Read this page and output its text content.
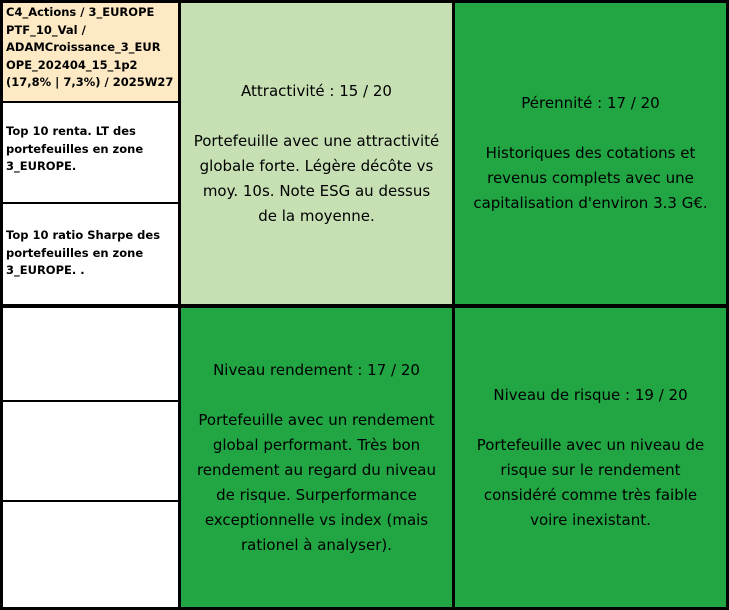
C4_Actions / 3_EUROPE
PTF_10_Val /
ADAMCroissance_3_EUR
OPE_202404_15_1p2
(17,8% | 7,3%) / 2025W27
Top 10 renta. LT des
portefeuilles en zone
3_EUROPE.
Top 10 ratio Sharpe des
portefeuilles en zone
3_EUROPE. .
Attractivité : 15 / 20
Portefeuille avec une attractivité
globale forte. Légère décôte vs
moy. 10s. Note ESG au dessus
de la moyenne.
Pérennité : 17 / 20
Historiques des cotations et
revenus complets avec une
capitalisation d'environ 3.3 G€.
Niveau rendement : 17 / 20
Portefeuille avec un rendement
global performant. Très bon
rendement au regard du niveau
de risque. Surperformance
exceptionnelle vs index (mais
rationel à analyser).
Niveau de risque : 19 / 20
Portefeuille avec un niveau de
risque sur le rendement
considéré comme très faible
voire inexistant.
